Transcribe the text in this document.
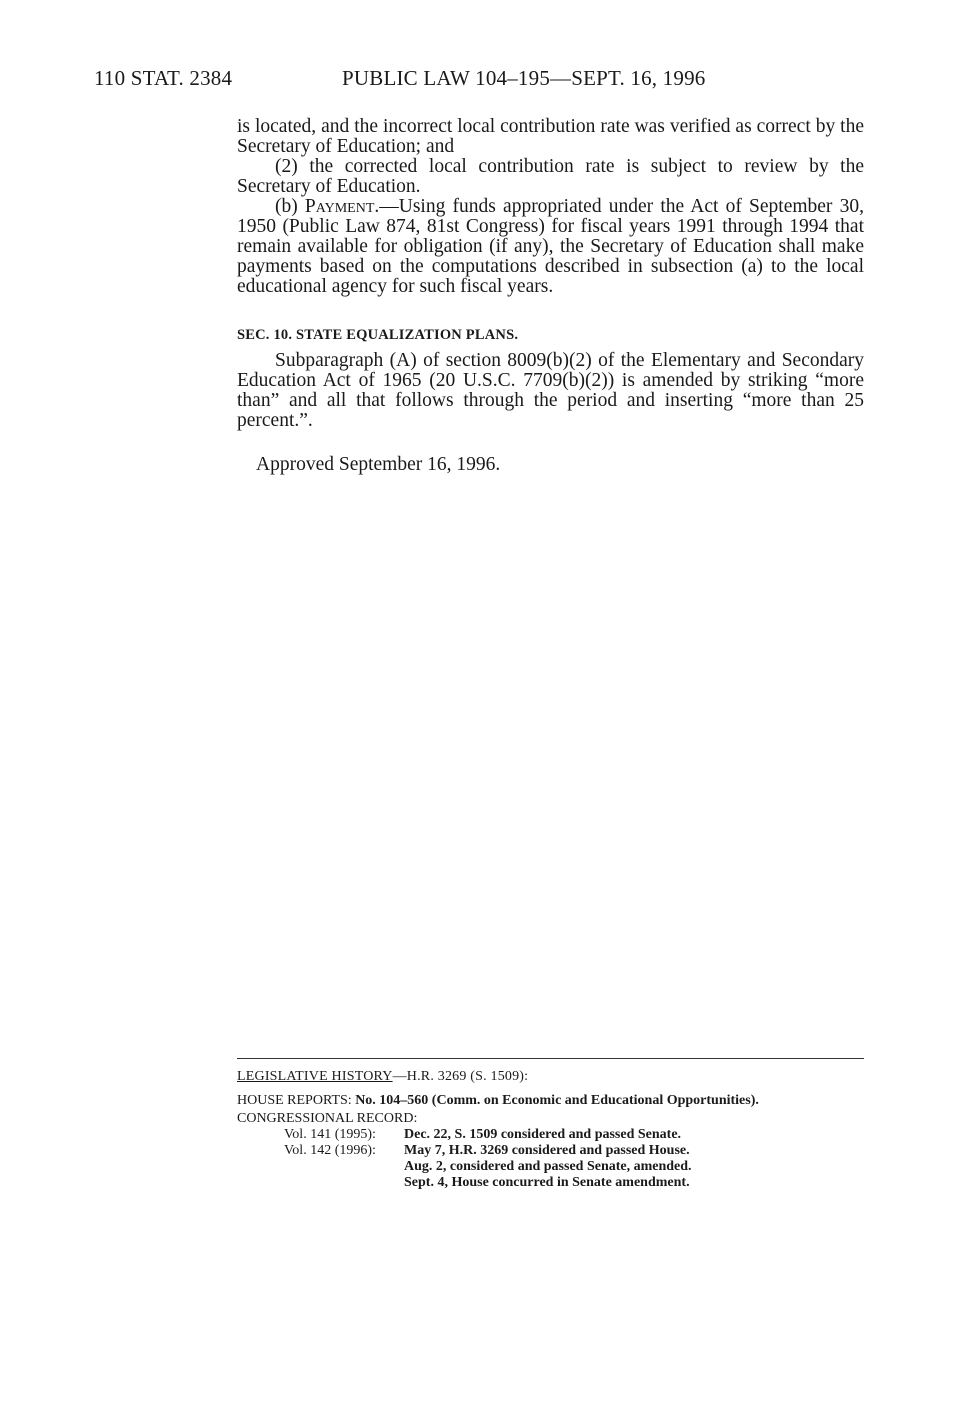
110 STAT. 2384	PUBLIC LAW 104–195—SEPT. 16, 1996

is located, and the incorrect local contribution rate was verified as correct by the Secretary of Education; and

(2) the corrected local contribution rate is subject to review by the Secretary of Education.

(b) Payment.—Using funds appropriated under the Act of September 30, 1950 (Public Law 874, 81st Congress) for fiscal years 1991 through 1994 that remain available for obligation (if any), the Secretary of Education shall make payments based on the computations described in subsection (a) to the local educational agency for such fiscal years.

SEC. 10. STATE EQUALIZATION PLANS.

Subparagraph (A) of section 8009(b)(2) of the Elementary and Secondary Education Act of 1965 (20 U.S.C. 7709(b)(2)) is amended by striking “more than” and all that follows through the period and inserting “more than 25 percent.”.

Approved September 16, 1996.

LEGISLATIVE HISTORY—H.R. 3269 (S. 1509):

HOUSE REPORTS: No. 104–560 (Comm. on Economic and Educational Opportunities).

CONGRESSIONAL RECORD:

Vol. 141 (1995):	Dec. 22, S. 1509 considered and passed Senate.
Vol. 142 (1996):	May 7, H.R. 3269 considered and passed House.
Aug. 2, considered and passed Senate, amended.
Sept. 4, House concurred in Senate amendment.
